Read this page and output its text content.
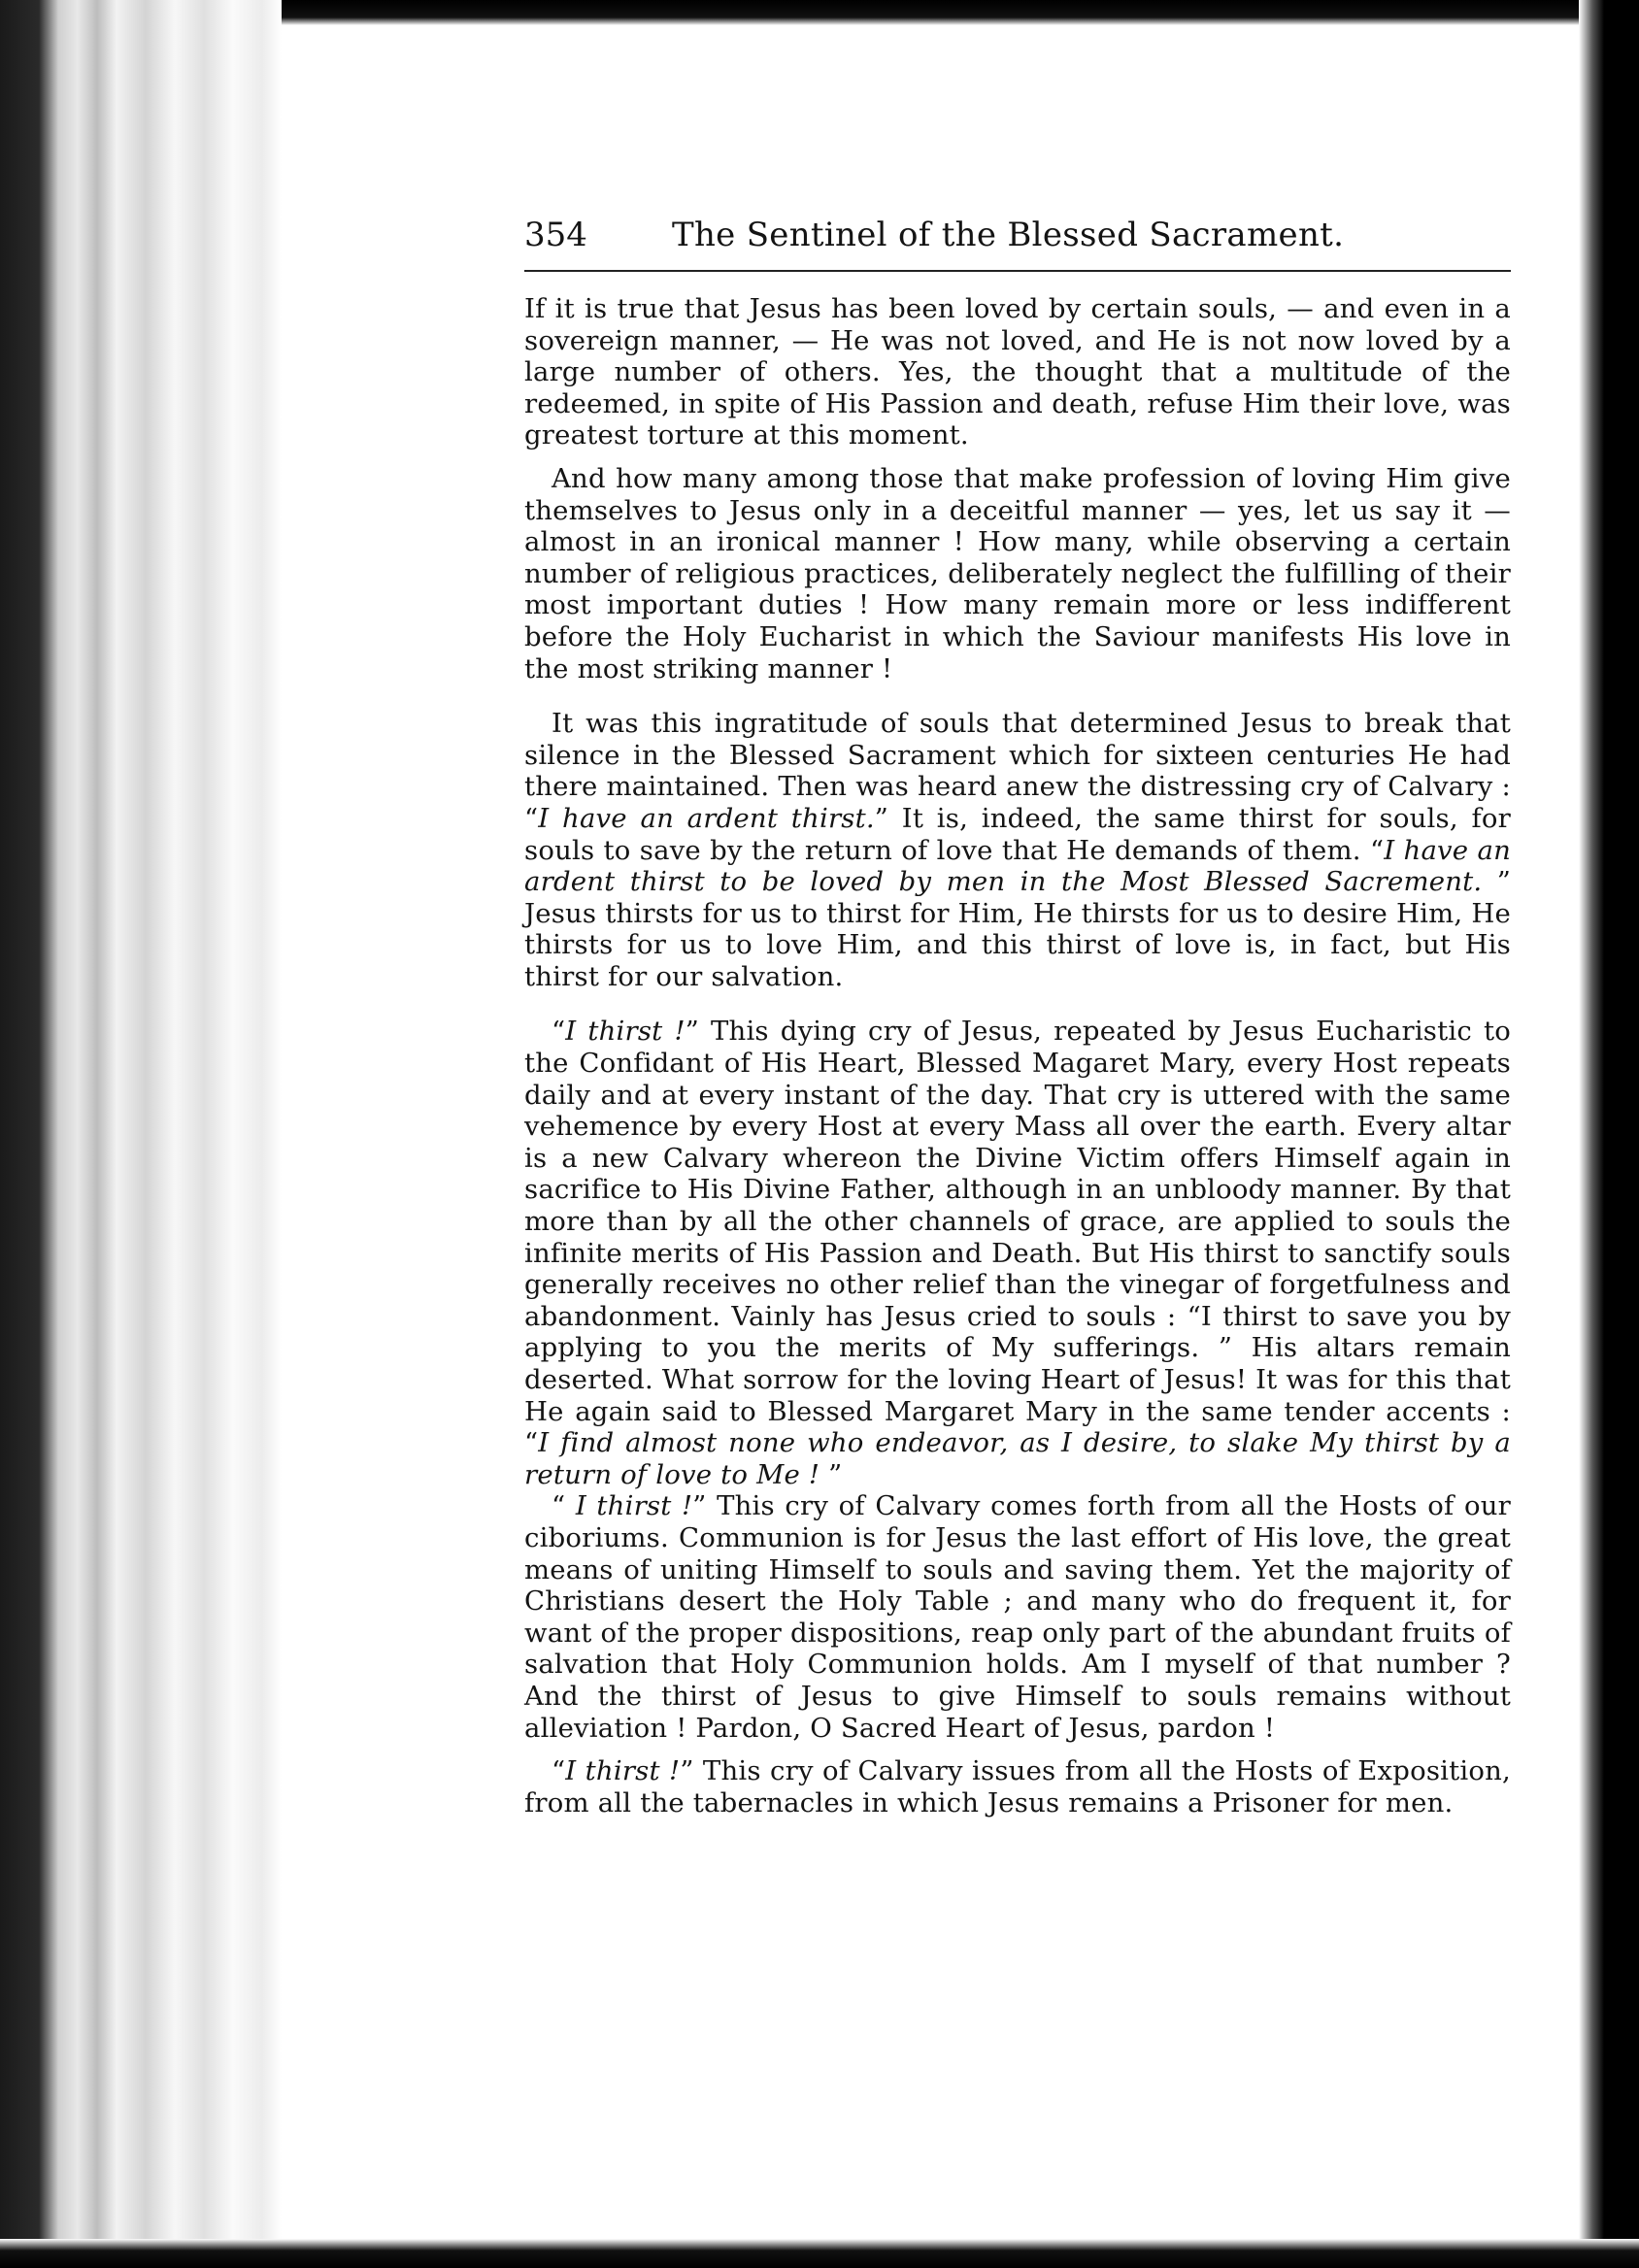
354	The Sentinel of the Blessed Sacrament.

If it is true that Jesus has been loved by certain souls, — and even in a sovereign manner, — He was not loved, and He is not now loved by a large number of others. Yes, the thought that a multitude of the redeemed, in spite of His Passion and death, refuse Him their love, was greatest torture at this moment.

And how many among those that make profession of loving Him give themselves to Jesus only in a deceitful manner — yes, let us say it — almost in an ironical manner ! How many, while observing a certain number of religious practices, deliberately neglect the fulfilling of their most important duties ! How many remain more or less indifferent before the Holy Eucharist in which the Saviour manifests His love in the most striking manner !

It was this ingratitude of souls that determined Jesus to break that silence in the Blessed Sacrament which for sixteen centuries He had there maintained. Then was heard anew the distressing cry of Calvary : “I have an ardent thirst.” It is, indeed, the same thirst for souls, for souls to save by the return of love that He demands of them. “I have an ardent thirst to be loved by men in the Most Blessed Sacrement. ” Jesus thirsts for us to thirst for Him, He thirsts for us to desire Him, He thirsts for us to love Him, and this thirst of love is, in fact, but His thirst for our salvation.

“I thirst !” This dying cry of Jesus, repeated by Jesus Eucharistic to the Confidant of His Heart, Blessed Magaret Mary, every Host repeats daily and at every instant of the day. That cry is uttered with the same vehemence by every Host at every Mass all over the earth. Every altar is a new Calvary whereon the Divine Victim offers Himself again in sacrifice to His Divine Father, although in an unbloody manner. By that more than by all the other channels of grace, are applied to souls the infinite merits of His Passion and Death. But His thirst to sanctify souls generally receives no other relief than the vinegar of forgetfulness and abandonment. Vainly has Jesus cried to souls : “I thirst to save you by applying to you the merits of My sufferings. ” His altars remain deserted. What sorrow for the loving Heart of Jesus! It was for this that He again said to Blessed Margaret Mary in the same tender accents : “I find almost none who endeavor, as I desire, to slake My thirst by a return of love to Me ! ”

“ I thirst !” This cry of Calvary comes forth from all the Hosts of our ciboriums. Communion is for Jesus the last effort of His love, the great means of uniting Himself to souls and saving them. Yet the majority of Christians desert the Holy Table ; and many who do frequent it, for want of the proper dispositions, reap only part of the abundant fruits of salvation that Holy Communion holds. Am I myself of that number ? And the thirst of Jesus to give Himself to souls remains without alleviation ! Pardon, O Sacred Heart of Jesus, pardon !

“I thirst !” This cry of Calvary issues from all the Hosts of Exposition, from all the tabernacles in which Jesus remains a Prisoner for men.
